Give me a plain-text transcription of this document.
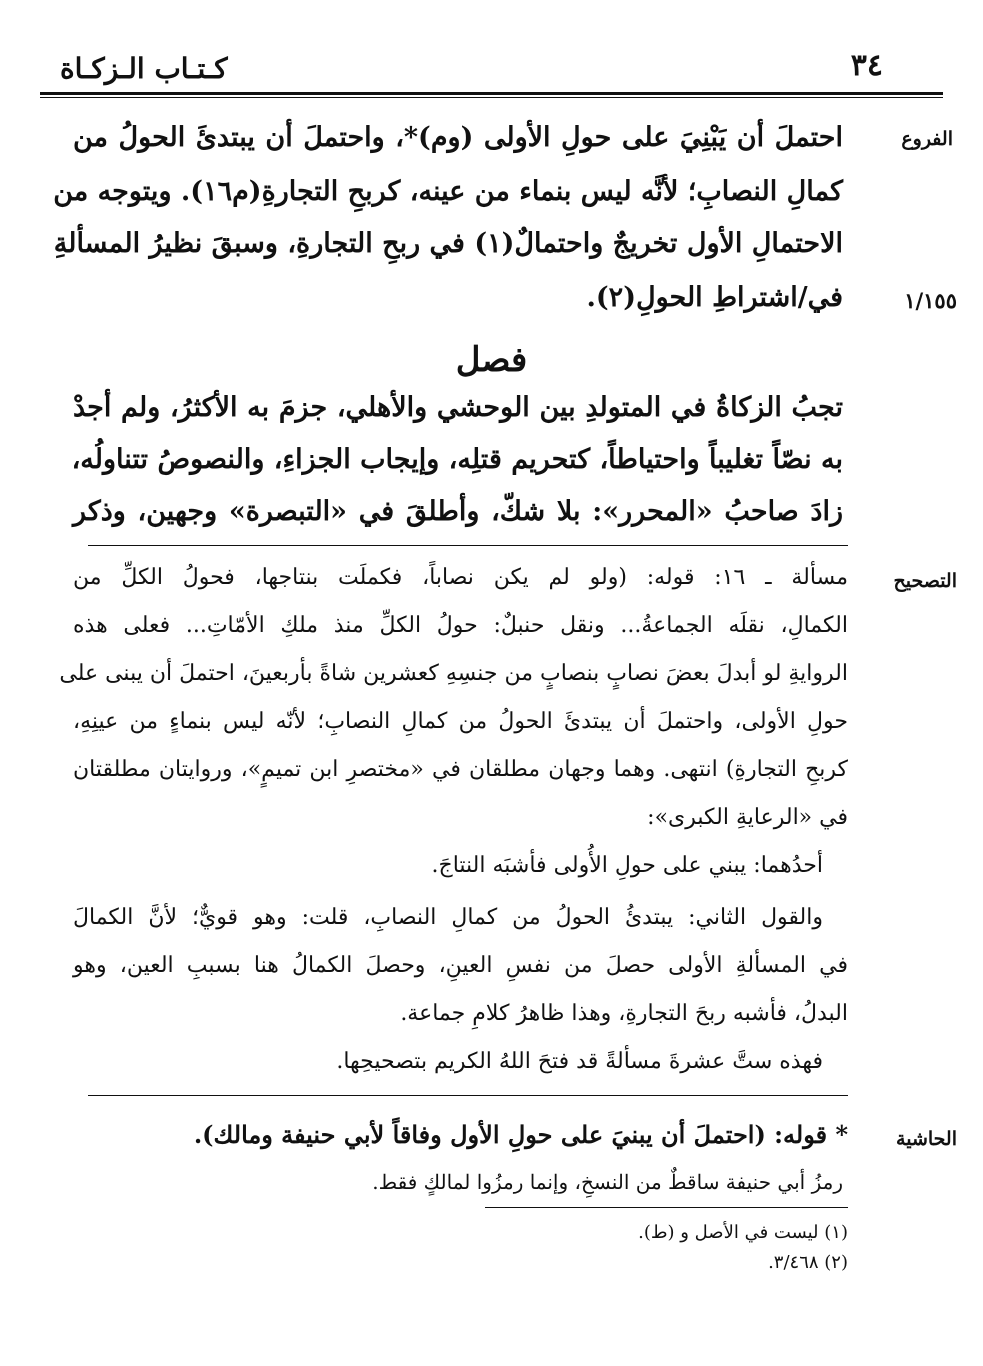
٣٤
كـتـاب الـزكـاة
الفروع
١/١٥٥
التصحيح
الحاشية
احتملَ أن يَبْنِيَ على حولِ الأولى (وم)*، واحتملَ أن يبتدئَ الحولُ من
كمالِ النصابِ؛ لأنَّه ليس بنماء من عينه، كربحِ التجارةِ(م١٦). ويتوجه من
الاحتمالِ الأول تخريجٌ واحتمالٌ(١) في ربحِ التجارةِ، وسبقَ نظيرُ المسألةِ
في/اشتراطِ الحولِ(٢).
فصل
تجبُ الزكاةُ في المتولدِ بين الوحشي والأهلي، جزمَ به الأكثرُ، ولم أجدْ
به نصّاً تغليباً واحتياطاً، كتحريم قتلِه، وإيجاب الجزاءِ، والنصوصُ تتناولُه،
زادَ صاحبُ «المحرر»: بلا شكّ، وأطلقَ في «التبصرة» وجهين، وذكر
مسألة ـ ١٦: قوله: (ولو لم يكن نصاباً، فكملَت بنتاجها، فحولُ الكلِّ من
الكمالِ، نقلَه الجماعةُ... ونقل حنبلٌ: حولُ الكلِّ منذ ملكِ الأمّاتِ... فعلى هذه
الروايةِ لو أبدلَ بعضَ نصابٍ بنصابٍ من جنسِهِ كعشرين شاةً بأربعينَ، احتملَ أن يبنى على
حولِ الأولى، واحتملَ أن يبتدئَ الحولُ من كمالِ النصابِ؛ لأنّه ليس بنماءٍ من عينِهِ،
كربحِ التجارةِ) انتهى. وهما وجهان مطلقان في «مختصرِ ابن تميمٍ»، وروايتان مطلقتان
في «الرعايةِ الكبرى»:
أحدُهما: يبني على حولِ الأُولى فأشبَه النتاجَ.
والقول الثاني: يبتدئُ الحولُ من كمالِ النصابِ، قلت: وهو قويٌّ؛ لأنَّ الكمالَ
في المسألةِ الأولى حصلَ من نفسِ العينِ، وحصلَ الكمالُ هنا بسببِ العين، وهو
البدلُ، فأشبه ربحَ التجارةِ، وهذا ظاهرُ كلامِ جماعة.
فهذه ستَّ عشرةَ مسألةً قد فتحَ اللهُ الكريم بتصحيحِها.
* قوله: (احتملَ أن يبنيَ على حولِ الأول وفاقاً لأبي حنيفة ومالك).
رمزُ أبي حنيفة ساقطٌ من النسخِ، وإنما رمزُوا لمالكٍ فقط.
(١) ليست في الأصل و (ط).
(٢) ٣/٤٦٨.
